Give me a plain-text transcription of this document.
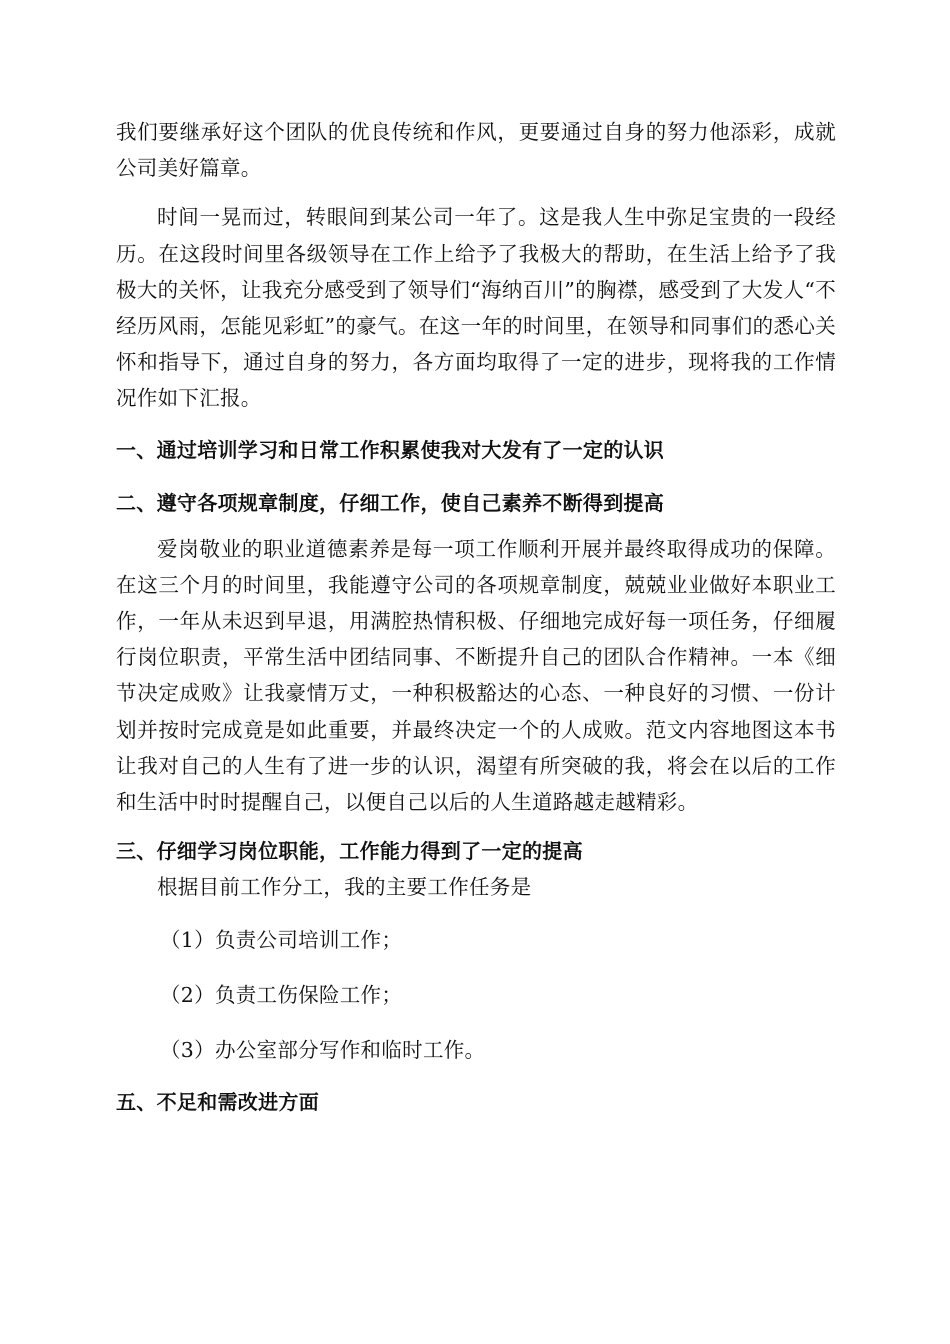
我们要继承好这个团队的优良传统和作风，更要通过自身的努力他添彩，成就公司美好篇章。

时间一晃而过，转眼间到某公司一年了。这是我人生中弥足宝贵的一段经历。在这段时间里各级领导在工作上给予了我极大的帮助，在生活上给予了我极大的关怀，让我充分感受到了领导们“海纳百川”的胸襟，感受到了大发人“不经历风雨，怎能见彩虹”的豪气。在这一年的时间里，在领导和同事们的悉心关怀和指导下，通过自身的努力，各方面均取得了一定的进步，现将我的工作情况作如下汇报。

一、通过培训学习和日常工作积累使我对大发有了一定的认识

二、遵守各项规章制度，仔细工作，使自己素养不断得到提高

爱岗敬业的职业道德素养是每一项工作顺利开展并最终取得成功的保障。在这三个月的时间里，我能遵守公司的各项规章制度，兢兢业业做好本职业工作，一年从未迟到早退，用满腔热情积极、仔细地完成好每一项任务，仔细履行岗位职责，平常生活中团结同事、不断提升自己的团队合作精神。一本《细节决定成败》让我豪情万丈，一种积极豁达的心态、一种良好的习惯、一份计划并按时完成竟是如此重要，并最终决定一个的人成败。范文内容地图这本书让我对自己的人生有了进一步的认识，渴望有所突破的我，将会在以后的工作和生活中时时提醒自己，以便自己以后的人生道路越走越精彩。

三、仔细学习岗位职能，工作能力得到了一定的提高

根据目前工作分工，我的主要工作任务是

（1）负责公司培训工作；

（2）负责工伤保险工作；

（3）办公室部分写作和临时工作。

五、不足和需改进方面
